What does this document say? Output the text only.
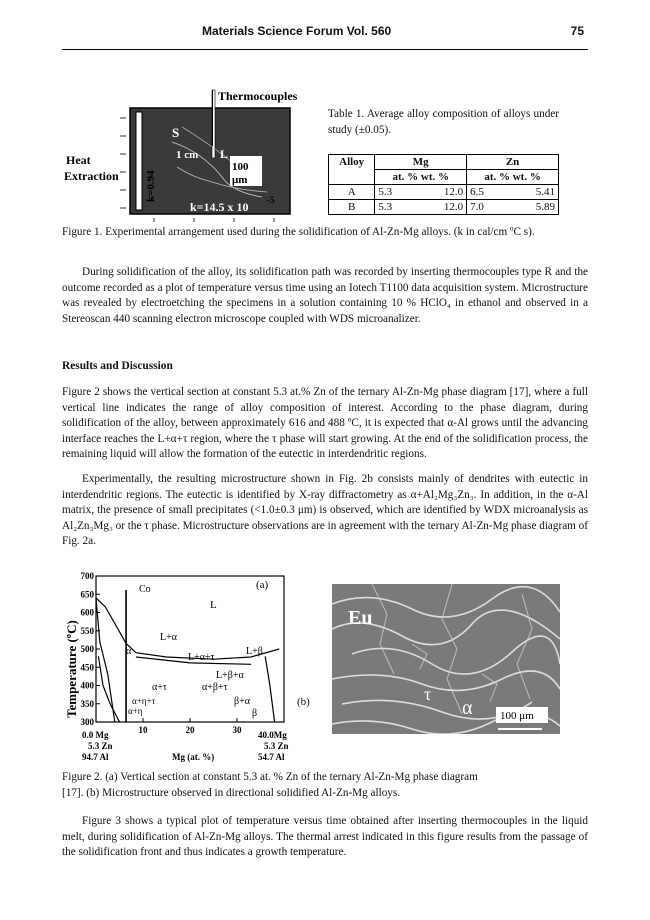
Materials Science Forum Vol. 560	75
Thermocouples
S
1 cm L
100
μm
Heat
Extraction k=0.94
k=14.5 x 10 -5

Table 1. Average alloy composition of alloys under study (±0.05).

Alloy	Mg	Zn
	at. % wt. %	at. % wt. %
A	5.3 12.0	6.5 5.41

B	5.3 12.0	7.0 5.89

Figure 1. Experimental arrangement used during the solidification of Al-Zn-Mg alloys. (k in cal/cm ºC s).

During solidification of the alloy, its solidification path was recorded by inserting thermocouples type R and the outcome recorded as a plot of temperature versus time using an Iotech T1100 data acquisition system. Microstructure was revealed by electroetching the specimens in a solution containing 10 % HClO₄ in ethanol and observed in a Stereoscan 440 scanning electron microscope coupled with WDS microanalizer.

Results and Discussion

Figure 2 shows the vertical section at constant 5.3 at.% Zn of the ternary Al-Zn-Mg phase diagram [17], where a full vertical line indicates the range of alloy composition of interest. According to the phase diagram, during solidification of the alloy, between approximately 616 and 488 ºC, it is expected that α-Al grows until the advancing interface reaches the L+α+τ region, where the τ phase will start growing. At the end of the solidification process, the remaining liquid will allow the formation of the eutectic in interdendritic regions.

Experimentally, the resulting microstructure shown in Fig. 2b consists mainly of dendrites with eutectic in interdendritic regions. The eutectic is identified by X-ray diffractometry as α+Al₂Mg₃Zn₃. In addition, in the α-Al matrix, the presence of small precipitates (<1.0±0.3 μm) is observed, which are identified by WDX microanalysis as Al₂Zn₃Mg₃ or the τ phase. Microstructure observations are in agreement with the ternary Al-Zn-Mg phase diagram of Fig. 2a.

700
650
600
550
500
450
400
350
300
10	20	30
Temperature (ºC)
(a)
Co
Mg (at. %)
0.0 Mg
5.3 Zn
94.7 Al
40.0Mg
5.3 Zn
54.7 Al
L
L+α
α
L+α+τ
L+β
L+β+α
α+β+τ
α+τ
α+η+τ	β+α
β
α+η
(b)
Eu
τ
α	100 μm

Figure 2. (a) Vertical section at constant 5.3 at. % Zn of the ternary Al-Zn-Mg phase diagram

[17]. (b) Microstructure observed in directional solidified Al-Zn-Mg alloys.

Figure 3 shows a typical plot of temperature versus time obtained after inserting thermocouples in the liquid melt, during solidification of Al-Zn-Mg alloys. The thermal arrest indicated in this figure results from the passage of the solidification front and thus indicates a growth temperature.
